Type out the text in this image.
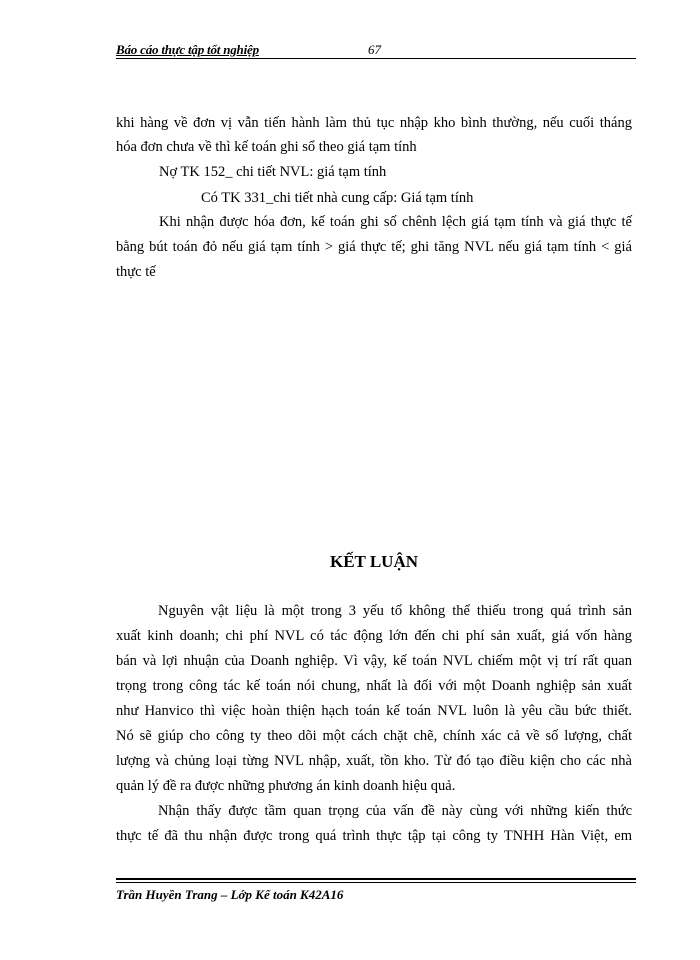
Báo cáo thực tập tốt nghiệp	67
khi hàng về đơn vị vẫn tiến hành làm thủ tục nhập kho bình thường, nếu cuối tháng
hóa đơn chưa về thì kế toán ghi sổ theo giá tạm tính
Nợ TK 152_ chi tiết NVL: giá tạm tính
Có TK 331_chi tiết nhà cung cấp: Giá tạm tính
Khi nhận được hóa đơn, kế toán ghi số chênh lệch giá tạm tính và giá thực tế
bằng bút toán đỏ nếu giá tạm tính > giá thực tế; ghi tăng NVL nếu giá tạm tính < giá
thực tế
KẾT LUẬN
Nguyên vật liệu là một trong 3 yếu tố không thể thiếu trong quá trình sản
xuất kinh doanh; chi phí NVL có tác động lớn đến chi phí sản xuất, giá vốn hàng
bán và lợi nhuận của Doanh nghiệp. Vì vậy, kế toán NVL chiếm một vị trí rất quan
trọng trong công tác kế toán nói chung, nhất là đối với một Doanh nghiệp sản xuất
như Hanvico thì việc hoàn thiện hạch toán kế toán NVL luôn là yêu cầu bức thiết.
Nó sẽ giúp cho công ty theo dõi một cách chặt chẽ, chính xác cả về số lượng, chất
lượng và chủng loại từng NVL nhập, xuất, tồn kho. Từ đó tạo điều kiện cho các nhà
quản lý đề ra được những phương án kinh doanh hiệu quả.
Nhận thấy được tầm quan trọng của vấn đề này cùng với những kiến thức
thực tế đã thu nhận được trong quá trình thực tập tại công ty TNHH Hàn Việt, em
Trần Huyền Trang – Lớp Kế toán K42A16
